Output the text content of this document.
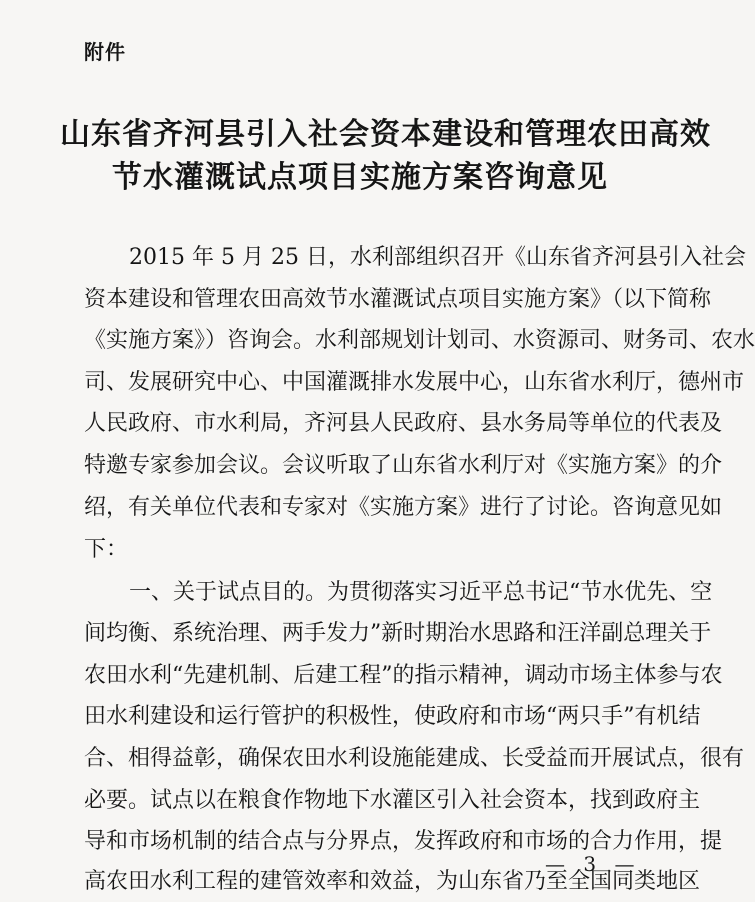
附件
山东省齐河县引入社会资本建设和管理农田高效
节水灌溉试点项目实施方案咨询意见
2015 年 5 月 25 日，水利部组织召开《山东省齐河县引入社会
资本建设和管理农田高效节水灌溉试点项目实施方案》（以下简称
《实施方案》）咨询会。水利部规划计划司、水资源司、财务司、农水
司、发展研究中心、中国灌溉排水发展中心，山东省水利厅，德州市
人民政府、市水利局，齐河县人民政府、县水务局等单位的代表及
特邀专家参加会议。会议听取了山东省水利厅对《实施方案》的介
绍，有关单位代表和专家对《实施方案》进行了讨论。咨询意见如
下：
一、关于试点目的。为贯彻落实习近平总书记“节水优先、空
间均衡、系统治理、两手发力”新时期治水思路和汪洋副总理关于
农田水利“先建机制、后建工程”的指示精神，调动市场主体参与农
田水利建设和运行管护的积极性，使政府和市场“两只手”有机结
合、相得益彰，确保农田水利设施能建成、长受益而开展试点，很有
必要。试点以在粮食作物地下水灌区引入社会资本，找到政府主
导和市场机制的结合点与分界点，发挥政府和市场的合力作用，提
高农田水利工程的建管效率和效益，为山东省乃至全国同类地区
— 3 —
